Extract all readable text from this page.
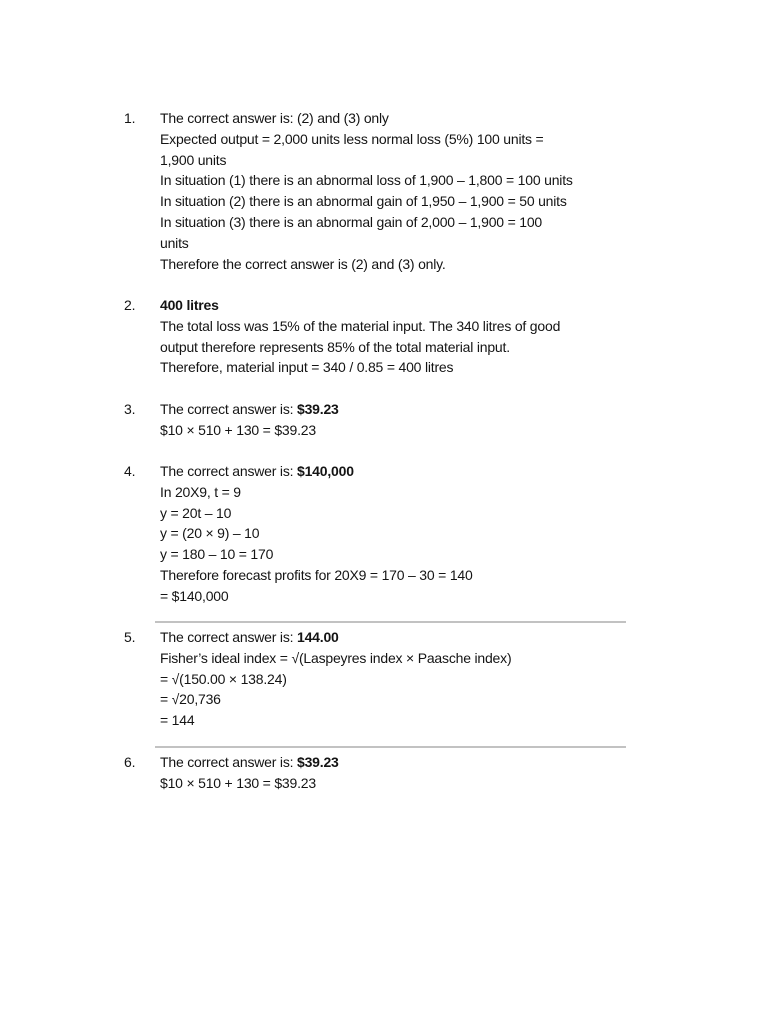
1. The correct answer is: (2) and (3) only
Expected output = 2,000 units less normal loss (5%) 100 units =
1,900 units
In situation (1) there is an abnormal loss of 1,900 – 1,800 = 100 units
In situation (2) there is an abnormal gain of 1,950 – 1,900 = 50 units
In situation (3) there is an abnormal gain of 2,000 – 1,900 = 100
units
Therefore the correct answer is (2) and (3) only.
2. 400 litres
The total loss was 15% of the material input. The 340 litres of good
output therefore represents 85% of the total material input.
Therefore, material input = 340 / 0.85 = 400 litres
3. The correct answer is: $39.23
$10 × 510 + 130 = $39.23
4. The correct answer is: $140,000
In 20X9, t = 9
y = 20t – 10
y = (20 × 9) – 10
y = 180 – 10 = 170
Therefore forecast profits for 20X9 = 170 – 30 = 140
= $140,000
5. The correct answer is: 144.00
Fisher’s ideal index = √(Laspeyres index × Paasche index)
= √(150.00 × 138.24)
= √20,736
= 144
6. The correct answer is: $39.23
$10 × 510 + 130 = $39.23
